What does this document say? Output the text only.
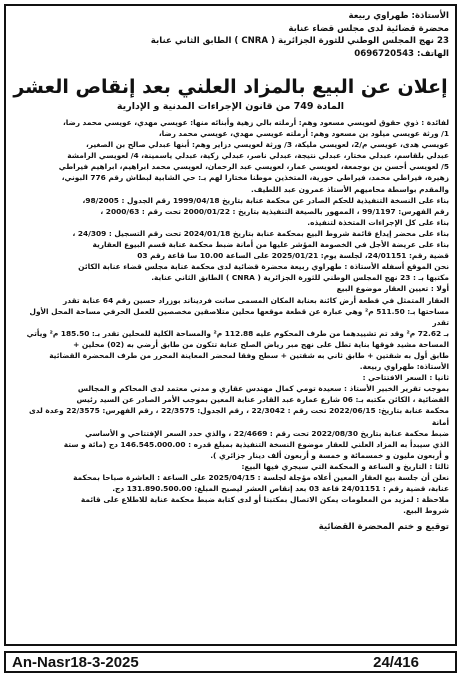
الأستاذة: طهراوي ربيعة
محضرة قضائية لدى مجلس قضاء عنابة
23 نهج المجلس الوطني للثورة الجزائرية ( CNRA ) الطابق الثاني عنابة
الهاتف: 0696720543
إعلان عن البيع بالمزاد العلني بعد إنقاص العشر
المادة 749 من قانون الإجراءات المدنية و الإدارية

لفائدة : ذوي حقوق لعويسي مسعود وهم: أرملته بالي زهية وأبنائه منها: عويسي مهدي، عويسي محمد رضا،

1/ ورثة عويسي ميلود بن مسعود وهم: أرملته عويسي مهدي، عويسي محمد رضا،

عويسي هدى، عويسي م/2، لعويسي مليكة، 3/ ورثة لعويسي دزاير وهم: أبنها عبدلي صالح بن الصغير،

عبدلي بلقاسم، عبدلي مختار، عبدلي نتيجة، عبدلي ناصر، عبدلي زكية، عبدلي ياسمينة، 4/ لعويسي الرامشة

5/ لعويسي أحسن بن بوجمعة، لعويسي عمار، لعويسي عبد الرحمان، لعويسي محمد ابراهيم، ابراهيم فيراطي

زهيرة، فيراطي محمد، فيراطي حورية، المتخذين موطنا مختارا لهم بـ: حي الشابية لبطاش رقم 776 البوني،

والمقدم بواسطة محاميهم الأستاذ عمرون عبد اللطيف.

بناء على النسخة التنفيذية للحكم الصادر عن محكمة عنابة بتاريخ 1999/04/18 رقم الجدول : 98/2005،

رقم الفهرس: 99/1197 ، الممهور بالصيغة التنفيذية بتاريخ : 2000/01/22 تحت رقم : 2000/63 ،

بناء على كل الإجراءات المتخذة لتنفيذه.

بناء على محضر إيداع قائمة شروط البيع بمحكمة عنابة بتاريخ 2024/01/18 تحت رقم التسجيل : 24/309 ،

بناء على عريضة الأجل في الخصومة المؤشر عليها من أمانة ضبط محكمة عنابة قسم البيوع العقارية

قضية رقم: 24/01151، لجلسة يوم: 2025/01/21 على الساعة 10.00 سا قاعة رقم 03

نحن الموقع أسفله الأستاذة : طهراوي ربيعة محضرة قضائية لدى محكمة عنابة مجلس قضاء عنابة الكائن

مكتبها بـ : 23 نهج المجلس الوطني للثورة الجزائرية ( CNRA ) الطابق الثاني عنابة.

أولا : تعيين العقار موضوع البيع

العقار المتمثل في قطعة أرض كائنة بعنابة المكان المسمى سانت فرديناند بوزراد حسين رقم 64 عنابة تقدر

مساحتها بـ: 511.50 م² وهي عبارة عن قطعة موقعها محلين متلاصقين مخصصين للعمل الحرفي مساحة المحل الأول تقدر

بـ 72.62 م² وقد تم تشييدهما من طرف المحكوم عليه 112.88 م² والمساحة الكلية للمحلين تقدر بـ: 185.50 م² ويأتي

المساحة مشيد فوقها بناية تطل على نهج مبر رياض الصلح عنابة تتكون من طابق أرضي به (02) محلين +

طابق أول به شقتين + طابق ثاني به شقتين + سطح وفقا لمحضر المعاينة المحرر من طرف المحضرة القضائية

الأستاذة: طهراوي ربيعة.

ثانيا : السعر الافتتاحي :

بموجب تقرير الخبير الأستاذ : سعيدة تومي كمال مهندس عقاري و مدني معتمد لدى المحاكم و المجالس

القضائية ، الكائن مكتبه بـ: 06 شارع عمارة عبد القادر عنابة المعين بموجب الأمر الصادر عن السيد رئيس

محكمة عنابة بتاريخ: 2022/06/15 تحت رقم : 22/3042 ، رقم الجدول: 22/3575 ، رقم الفهرس: 22/3575 وعدة لدى أمانة

ضبط محكمة عنابة بتاريخ 2022/08/30 تحت رقم : 22/4669 ، والذي حدد السعر الإفتتاحي و الأساسي

الذي سيبدأ به المزاد العلني للعقار موضوع النسخة التنفيذية بمبلغ قدره : 146.545.000.00 دج (مائة و ستة

و أربعون مليون و خمسمائة و خمسة و أربعون ألف دينار جزائري ).

ثالثا : التاريخ و الساعة و المحكمة التي سيجري فيها البيع:

نعلن أن جلسة بيع العقار المعين أعلاه مؤجلة لجلسة : 2025/04/15 على الساعة : العاشرة صباحا بمحكمة

عنابة، قضية رقم : 24/01151 قاعة 03 بعد إنقاص العشر ليصبح المبلغ: 131.890.500.00 دج.

ملاحظة : لمزيد من المعلومات يمكن الاتصال بمكتبنا أو لدى كتابة ضبط محكمة عنابة للاطلاع على قائمة

شروط البيع.

توقيع و ختم المحضرة القضائية
An-Nasr18-3-2025	24/416
